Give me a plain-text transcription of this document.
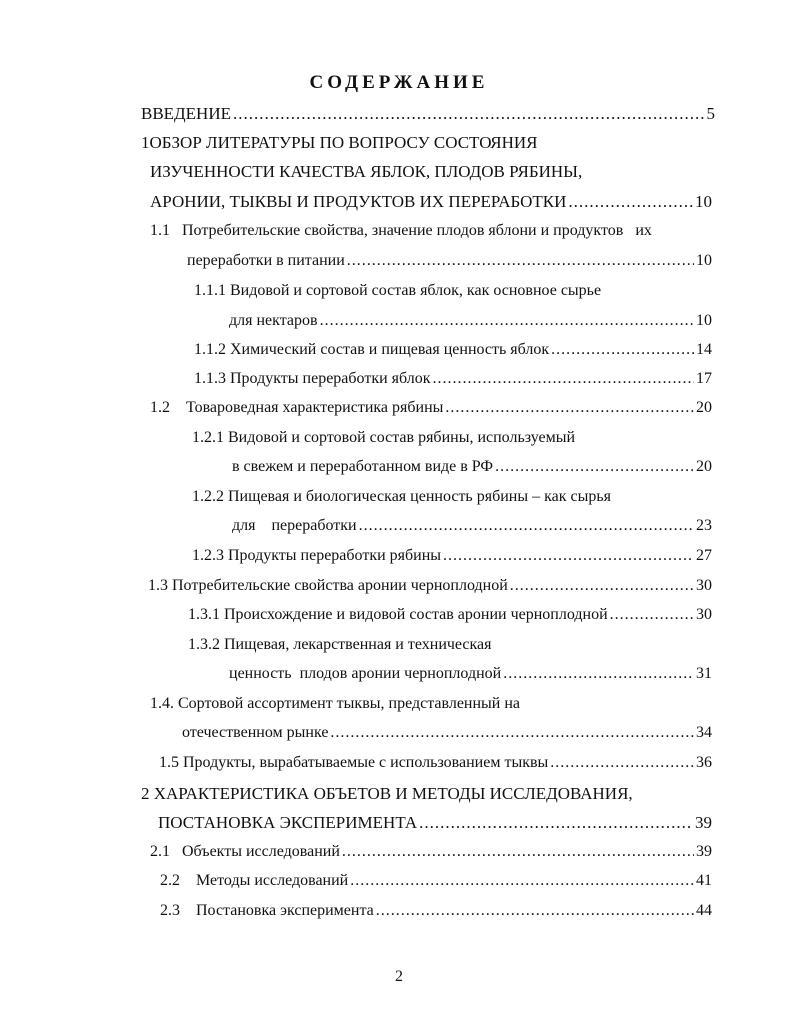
СОДЕРЖАНИЕ
ВВЕДЕНИЕ .....	5
1ОБЗОР ЛИТЕРАТУРЫ ПО ВОПРОСУ СОСТОЯНИЯ
ИЗУЧЕННОСТИ КАЧЕСТВА ЯБЛОК, ПЛОДОВ РЯБИНЫ,
АРОНИИ, ТЫКВЫ И ПРОДУКТОВ ИХ ПЕРЕРАБОТКИ .....	10
1.1   Потребительские свойства, значение плодов яблони и продуктов   их
переработки в питании .....	10
1.1.1 Видовой и сортовой состав яблок, как основное сырье
для нектаров .....	10
1.1.2 Химический состав и пищевая ценность яблок .....	14
1.1.3 Продукты переработки яблок .....	17
1.2    Товароведная характеристика рябины .....	20
1.2.1 Видовой и сортовой состав рябины, используемый
в свежем и переработанном виде в РФ .....	20
1.2.2 Пищевая и биологическая ценность рябины – как сырья
для    переработки .....	23
1.2.3 Продукты переработки рябины .....	27
1.3 Потребительские свойства аронии черноплодной .....	30
1.3.1 Происхождение и видовой состав аронии черноплодной .....	30
1.3.2 Пищевая, лекарственная и техническая
ценность  плодов аронии черноплодной .....	31
1.4. Сортовой ассортимент тыквы, представленный на
отечественном рынке .....	34
1.5 Продукты, вырабатываемые с использованием тыквы .....	36
2 ХАРАКТЕРИСТИКА ОБЪЕТОВ И МЕТОДЫ ИССЛЕДОВАНИЯ,
ПОСТАНОВКА ЭКСПЕРИМЕНТА .....	39
2.1   Объекты исследований .....	39
2.2    Методы исследований .....	41
2.3    Постановка эксперимента .....	44
2
